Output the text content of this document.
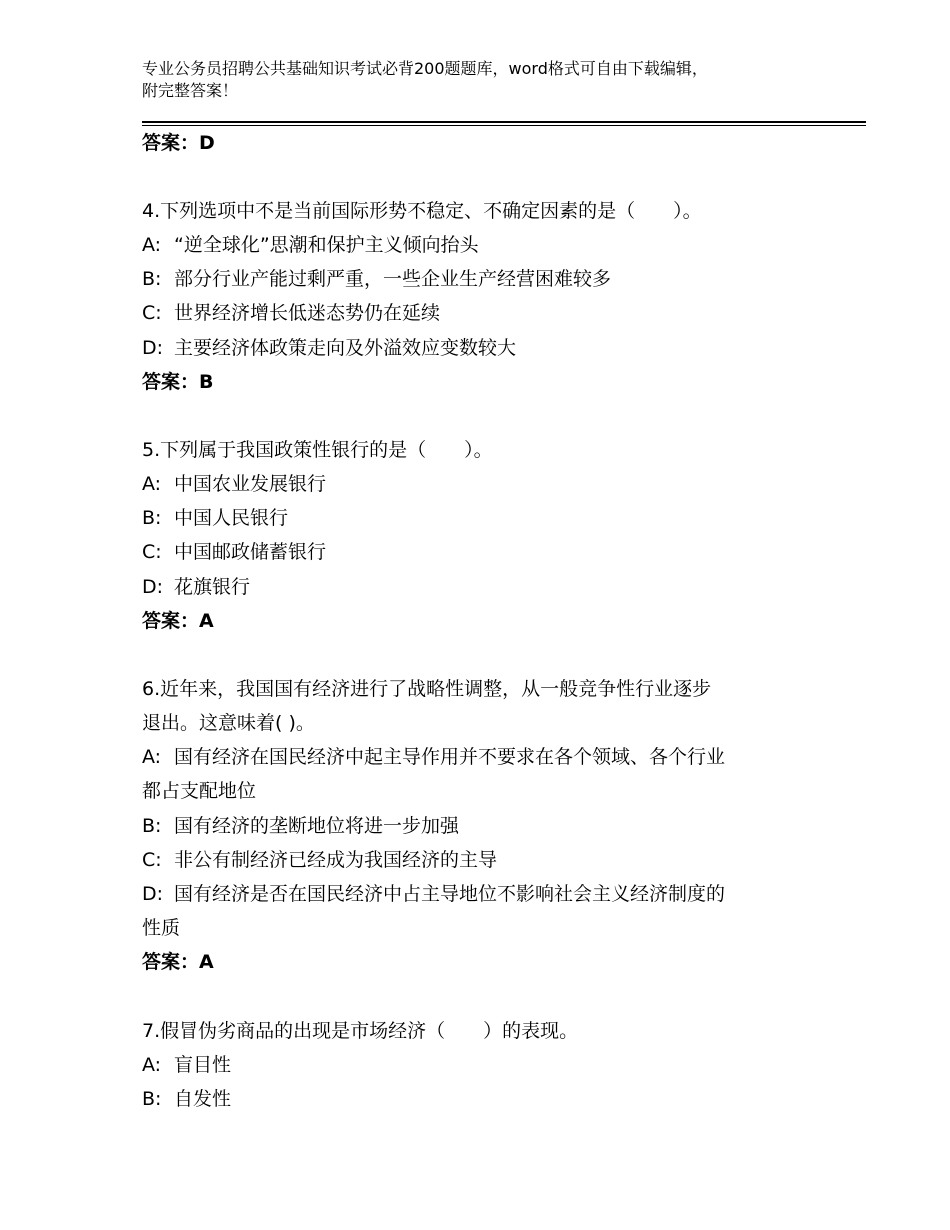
专业公务员招聘公共基础知识考试必背200题题库，word格式可自由下载编辑，
附完整答案！
答案：D
4.下列选项中不是当前国际形势不稳定、不确定因素的是（　　）。
A: “逆全球化”思潮和保护主义倾向抬头
B: 部分行业产能过剩严重，一些企业生产经营困难较多
C: 世界经济增长低迷态势仍在延续
D: 主要经济体政策走向及外溢效应变数较大
答案：B
5.下列属于我国政策性银行的是（　　）。
A: 中国农业发展银行
B: 中国人民银行
C: 中国邮政储蓄银行
D: 花旗银行
答案：A
6.近年来，我国国有经济进行了战略性调整，从一般竞争性行业逐步
退出。这意味着( )。
A: 国有经济在国民经济中起主导作用并不要求在各个领域、各个行业
都占支配地位
B: 国有经济的垄断地位将进一步加强
C: 非公有制经济已经成为我国经济的主导
D: 国有经济是否在国民经济中占主导地位不影响社会主义经济制度的
性质
答案：A
7.假冒伪劣商品的出现是市场经济（　　）的表现。
A: 盲目性
B: 自发性
